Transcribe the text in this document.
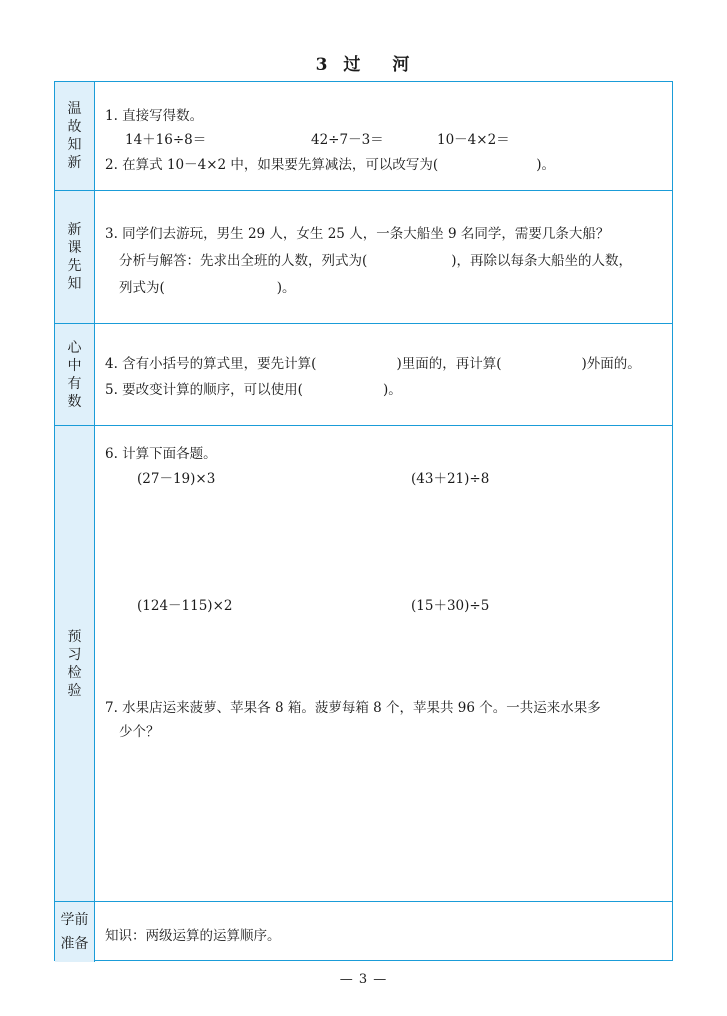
3 过 河
温故知新
1. 直接写得数。
14＋16÷8＝	42÷7－3＝	10－4×2＝
2. 在算式 10－4×2 中，如果要先算减法，可以改写为(	)。
新课先知
3. 同学们去游玩，男生 29 人，女生 25 人，一条大船坐 9 名同学，需要几条大船？
分析与解答：先求出全班的人数，列式为(	)，再除以每条大船坐的人数，
列式为(	)。
心中有数
4. 含有小括号的算式里，要先计算(	)里面的，再计算(	)外面的。
5. 要改变计算的顺序，可以使用(	)。
预习检验
6. 计算下面各题。
(27－19)×3	(43＋21)÷8
(124－115)×2	(15＋30)÷5
7. 水果店运来菠萝、苹果各 8 箱。菠萝每箱 8 个，苹果共 96 个。一共运来水果多
少个？
学前准备 知识：两级运算的运算顺序。
— 3 —
